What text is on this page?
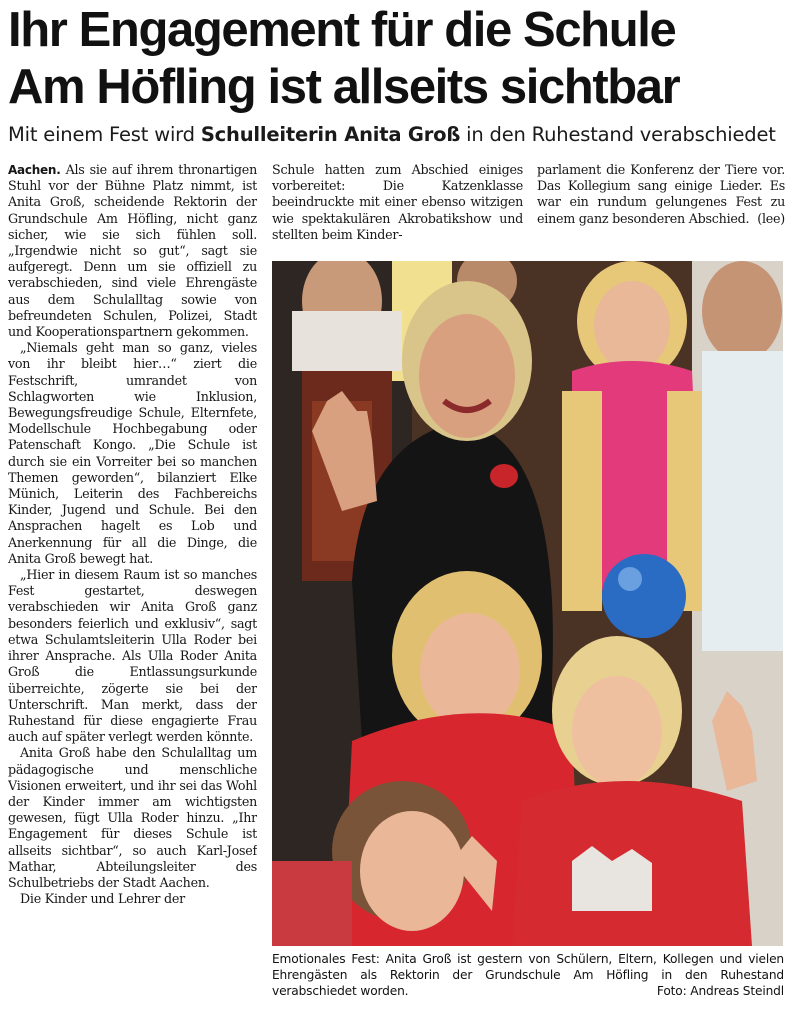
Ihr Engagement für die Schule
Am Höfling ist allseits sichtbar
Mit einem Fest wird Schulleiterin Anita Groß in den Ruhestand verabschiedet

Aachen. Als sie auf ihrem thronartigen Stuhl vor der Bühne Platz nimmt, ist Anita Groß, scheidende Rektorin der Grundschule Am Höfling, nicht ganz sicher, wie sie sich fühlen soll. „Irgendwie nicht so gut“, sagt sie aufgeregt. Denn um sie offiziell zu verabschieden, sind viele Ehrengäste aus dem Schulalltag sowie von befreundeten Schulen, Polizei, Stadt und Kooperationspartnern gekommen.

„Niemals geht man so ganz, vieles von ihr bleibt hier…“ ziert die Festschrift, umrandet von Schlagworten wie Inklusion, Bewegungsfreudige Schule, Elternfete, Modellschule Hochbegabung oder Patenschaft Kongo. „Die Schule ist durch sie ein Vorreiter bei so manchen Themen geworden“, bilanziert Elke Münich, Leiterin des Fachbereichs Kinder, Jugend und Schule. Bei den Ansprachen hagelt es Lob und Anerkennung für all die Dinge, die Anita Groß bewegt hat.

„Hier in diesem Raum ist so manches Fest gestartet, deswegen verabschieden wir Anita Groß ganz besonders feierlich und exklusiv“, sagt etwa Schulamtsleiterin Ulla Roder bei ihrer Ansprache. Als Ulla Roder Anita Groß die Entlassungsurkunde überreichte, zögerte sie bei der Unterschrift. Man merkt, dass der Ruhestand für diese engagierte Frau auch auf später verlegt werden könnte.

Anita Groß habe den Schulalltag um pädagogische und menschliche Visionen erweitert, und ihr sei das Wohl der Kinder immer am wichtigsten gewesen, fügt Ulla Roder hinzu. „Ihr Engagement für dieses Schule ist allseits sichtbar“, so auch Karl-Josef Mathar, Abteilungsleiter des Schulbetriebs der Stadt Aachen.

Die Kinder und Lehrer der

Schule hatten zum Abschied einiges vorbereitet: Die Katzenklasse beeindruckte mit einer ebenso witzigen wie spektakulären Akrobatikshow und stellten beim Kinder-

parlament die Konferenz der Tiere vor. Das Kollegium sang einige Lieder. Es war ein rundum gelungenes Fest zu einem ganz besonderen Abschied. (lee)

Emotionales Fest: Anita Groß ist gestern von Schülern, Eltern, Kollegen und vielen Ehrengästen als Rektorin der Grundschule Am Höfling in den Ruhestand verabschiedet worden.	Foto: Andreas Steindl
